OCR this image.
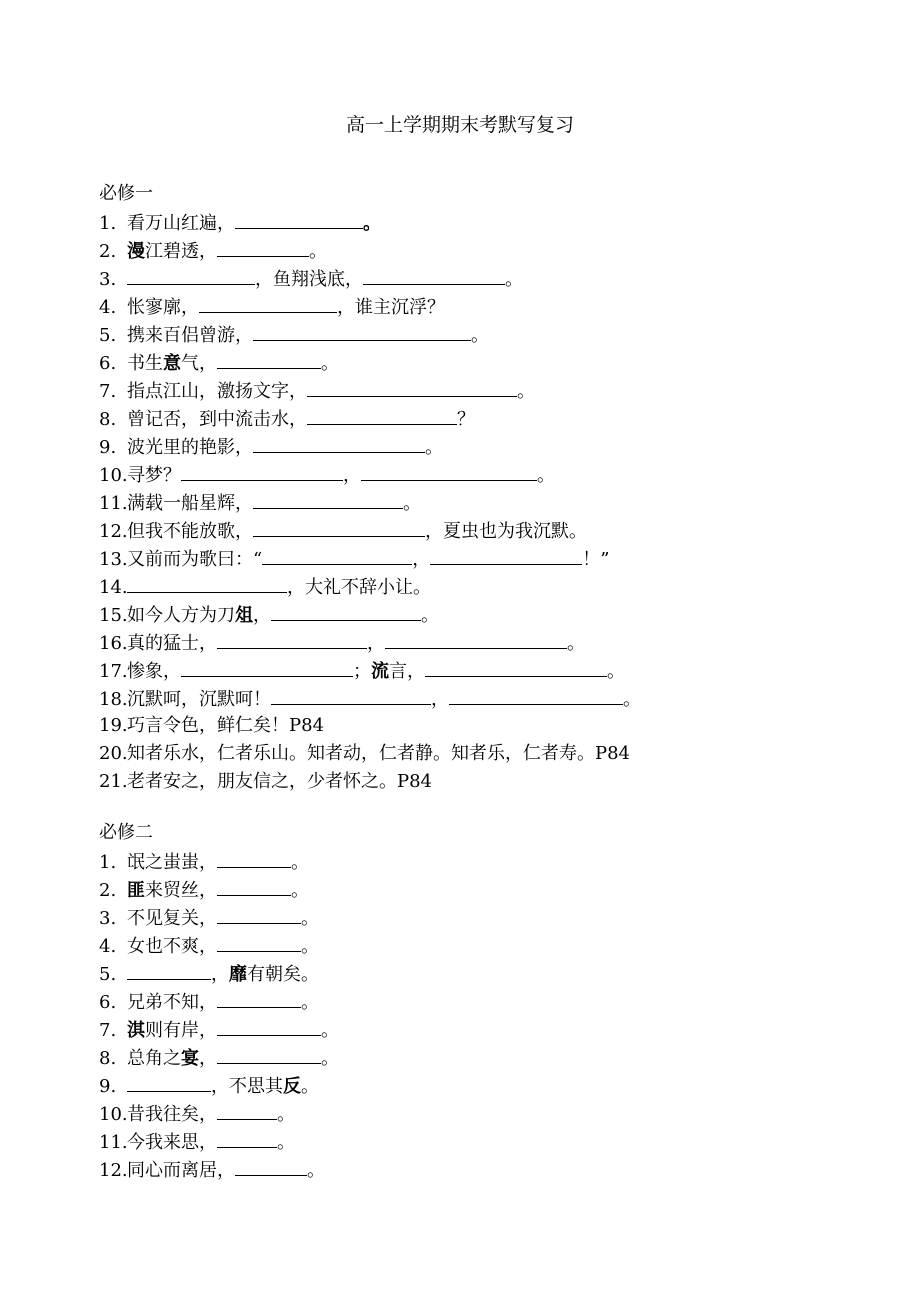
高一上学期期末考默写复习
必修一
1. 看万山红遍，	。
2. 漫江碧透，	。
3.	，鱼翔浅底，	。
4. 怅寥廓，	，谁主沉浮？
5. 携来百侣曾游，	。
6. 书生意气，	。
7. 指点江山，激扬文字，	。
8. 曾记否，到中流击水，	？
9. 波光里的艳影，	。
10.寻梦？	，	。
11.满载一船星辉，	。
12.但我不能放歌，	，夏虫也为我沉默。
13.又前而为歌曰：“	，	！”
14.	，大礼不辞小让。
15.如今人方为刀俎，	。
16.真的猛士，	，	。
17.惨象，	；流言，	。
18.沉默呵，沉默呵！	，	。
19.巧言令色，鲜仁矣！P84
20.知者乐水，仁者乐山。知者动，仁者静。知者乐，仁者寿。P84
21.老者安之，朋友信之，少者怀之。P84
必修二
1. 氓之蚩蚩，	。
2. 匪来贸丝，	。
3. 不见复关，	。
4. 女也不爽，	。
5.	，靡有朝矣。
6. 兄弟不知，	。
7. 淇则有岸，	。
8. 总角之宴，	。
9.	，不思其反。
10.昔我往矣，	。
11.今我来思，	。
12.同心而离居，	。
